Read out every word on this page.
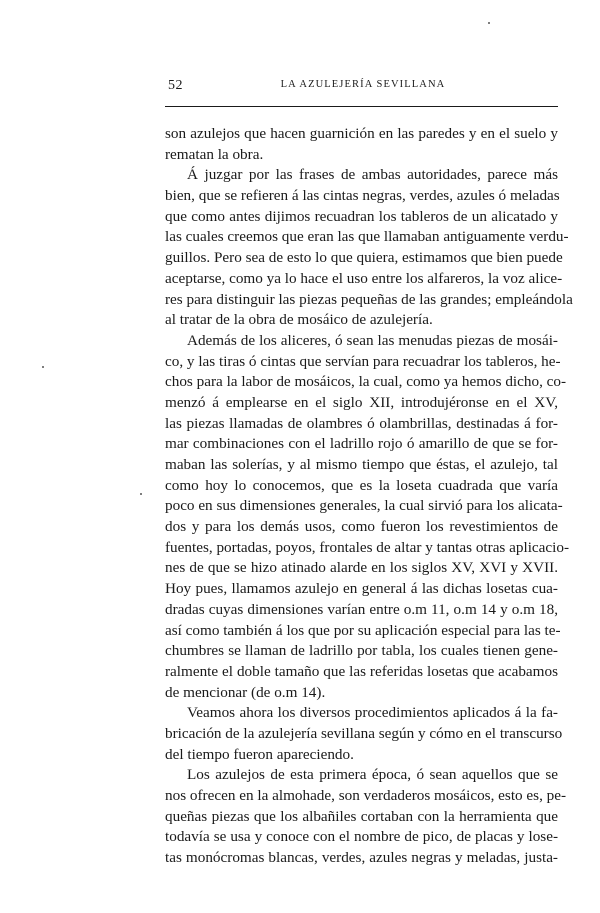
52	LA AZULEJERÍA SEVILLANA
son azulejos que hacen guarnición en las paredes y en el suelo y
rematan la obra.
Á juzgar por las frases de ambas autoridades, parece más
bien, que se refieren á las cintas negras, verdes, azules ó meladas
que como antes dijimos recuadran los tableros de un alicatado y
las cuales creemos que eran las que llamaban antiguamente verdu-
guillos. Pero sea de esto lo que quiera, estimamos que bien puede
aceptarse, como ya lo hace el uso entre los alfareros, la voz alice-
res para distinguir las piezas pequeñas de las grandes; empleándola
al tratar de la obra de mosáico de azulejería.
Además de los aliceres, ó sean las menudas piezas de mosái-
co, y las tiras ó cintas que servían para recuadrar los tableros, he-
chos para la labor de mosáicos, la cual, como ya hemos dicho, co-
menzó á emplearse en el siglo XII, introdujéronse en el XV,
las piezas llamadas de olambres ó olambrillas, destinadas á for-
mar combinaciones con el ladrillo rojo ó amarillo de que se for-
maban las solerías, y al mismo tiempo que éstas, el azulejo, tal
como hoy lo conocemos, que es la loseta cuadrada que varía
poco en sus dimensiones generales, la cual sirvió para los alicata-
dos y para los demás usos, como fueron los revestimientos de
fuentes, portadas, poyos, frontales de altar y tantas otras aplicacio-
nes de que se hizo atinado alarde en los siglos XV, XVI y XVII.
Hoy pues, llamamos azulejo en general á las dichas losetas cua-
dradas cuyas dimensiones varían entre o.m 11, o.m 14 y o.m 18,
así como también á los que por su aplicación especial para las te-
chumbres se llaman de ladrillo por tabla, los cuales tienen gene-
ralmente el doble tamaño que las referidas losetas que acabamos
de mencionar (de o.m 14).
Veamos ahora los diversos procedimientos aplicados á la fa-
bricación de la azulejería sevillana según y cómo en el transcurso
del tiempo fueron apareciendo.
Los azulejos de esta primera época, ó sean aquellos que se
nos ofrecen en la almohade, son verdaderos mosáicos, esto es, pe-
queñas piezas que los albañiles cortaban con la herramienta que
todavía se usa y conoce con el nombre de pico, de placas y lose-
tas monócromas blancas, verdes, azules negras y meladas, justa-
